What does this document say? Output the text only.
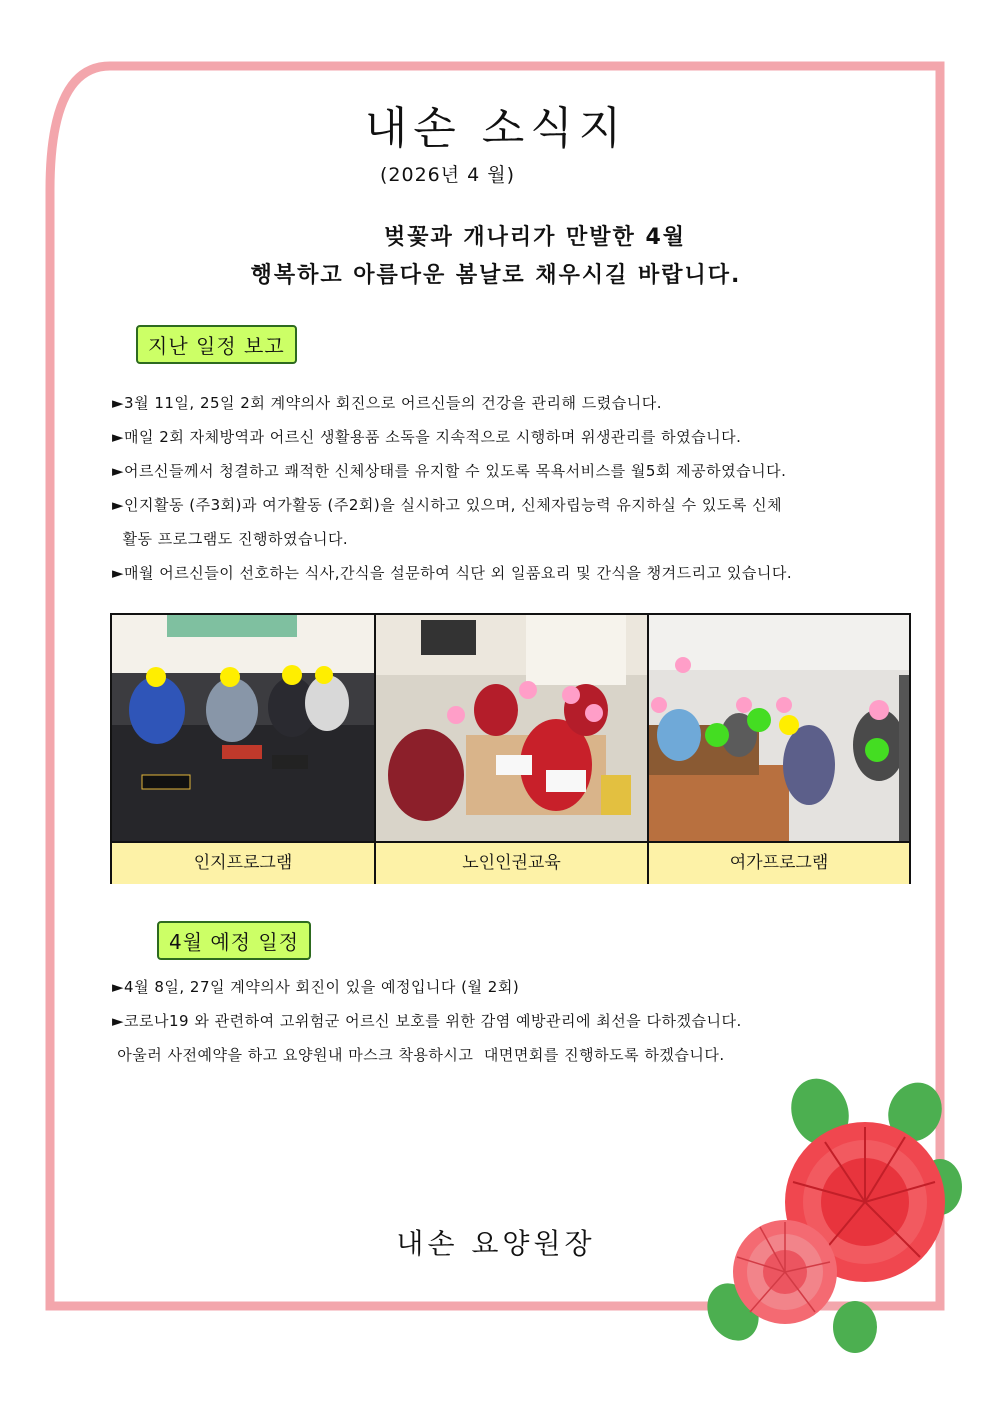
내손 소식지
(2026년 4 월)
벚꽃과 개나리가 만발한 4월
행복하고 아름다운 봄날로 채우시길 바랍니다.
지난 일정 보고
►3월 11일, 25일 2회 계약의사 회진으로 어르신들의 건강을 관리해 드렸습니다.
►매일 2회 자체방역과 어르신 생활용품 소독을 지속적으로 시행하며 위생관리를 하였습니다.
►어르신들께서 청결하고 쾌적한 신체상태를 유지할 수 있도록 목욕서비스를 월5회 제공하였습니다.
►인지활동 (주3회)과 여가활동 (주2회)을 실시하고 있으며, 신체자립능력 유지하실 수 있도록 신체
활동 프로그램도 진행하였습니다.
►매월 어르신들이 선호하는 식사,간식을 설문하여 식단 외 일품요리 및 간식을 챙겨드리고 있습니다.
인지프로그램	노인인권교육	여가프로그램
4월 예정 일정
►4월 8일, 27일 계약의사 회진이 있을 예정입니다 (월 2회)
►코로나19 와 관련하여 고위험군 어르신 보호를 위한 감염 예방관리에 최선을 다하겠습니다.
아울러 사전예약을 하고 요양원내 마스크 착용하시고  대면면회를 진행하도록 하겠습니다.
내손 요양원장
